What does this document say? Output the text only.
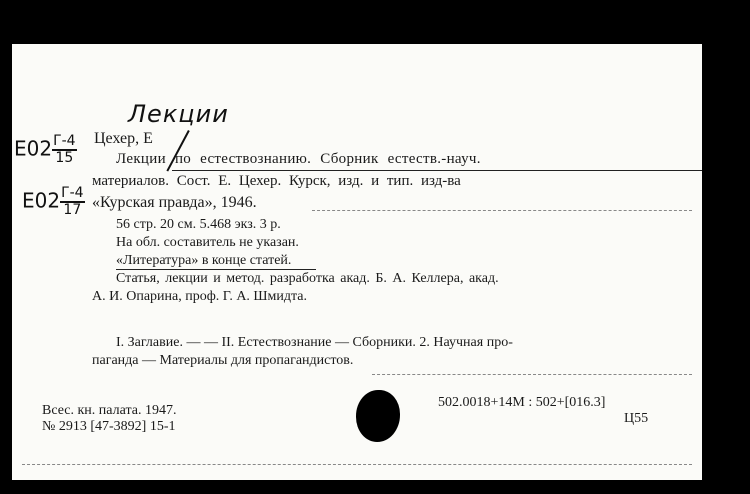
Лекции
$E02 \frac{Г-4}{15}$
$E02 \frac{Г-4}{17}$
Цехер, Е
Лекции по естествознанию. Сборник естеств.-науч.
материалов. Сост. Е. Цехер. Курск, изд. и тип. изд-ва
«Курская правда», 1946.
56 стр. 20 см. 5.468 экз. 3 р.
На обл. составитель не указан.
«Литература» в конце статей.
Статья, лекции и метод. разработка акад. Б. А. Келлера, акад.
А. И. Опарина, проф. Г. А. Шмидта.
I. Заглавие. — — II. Естествознание — Сборники. 2. Научная про-
паганда — Материалы для пропагандистов.
Всес. кн. палата. 1947.
№ 2913 [47-3892] 15-1
502.0018+14М : 502+[016.3]
Ц55
